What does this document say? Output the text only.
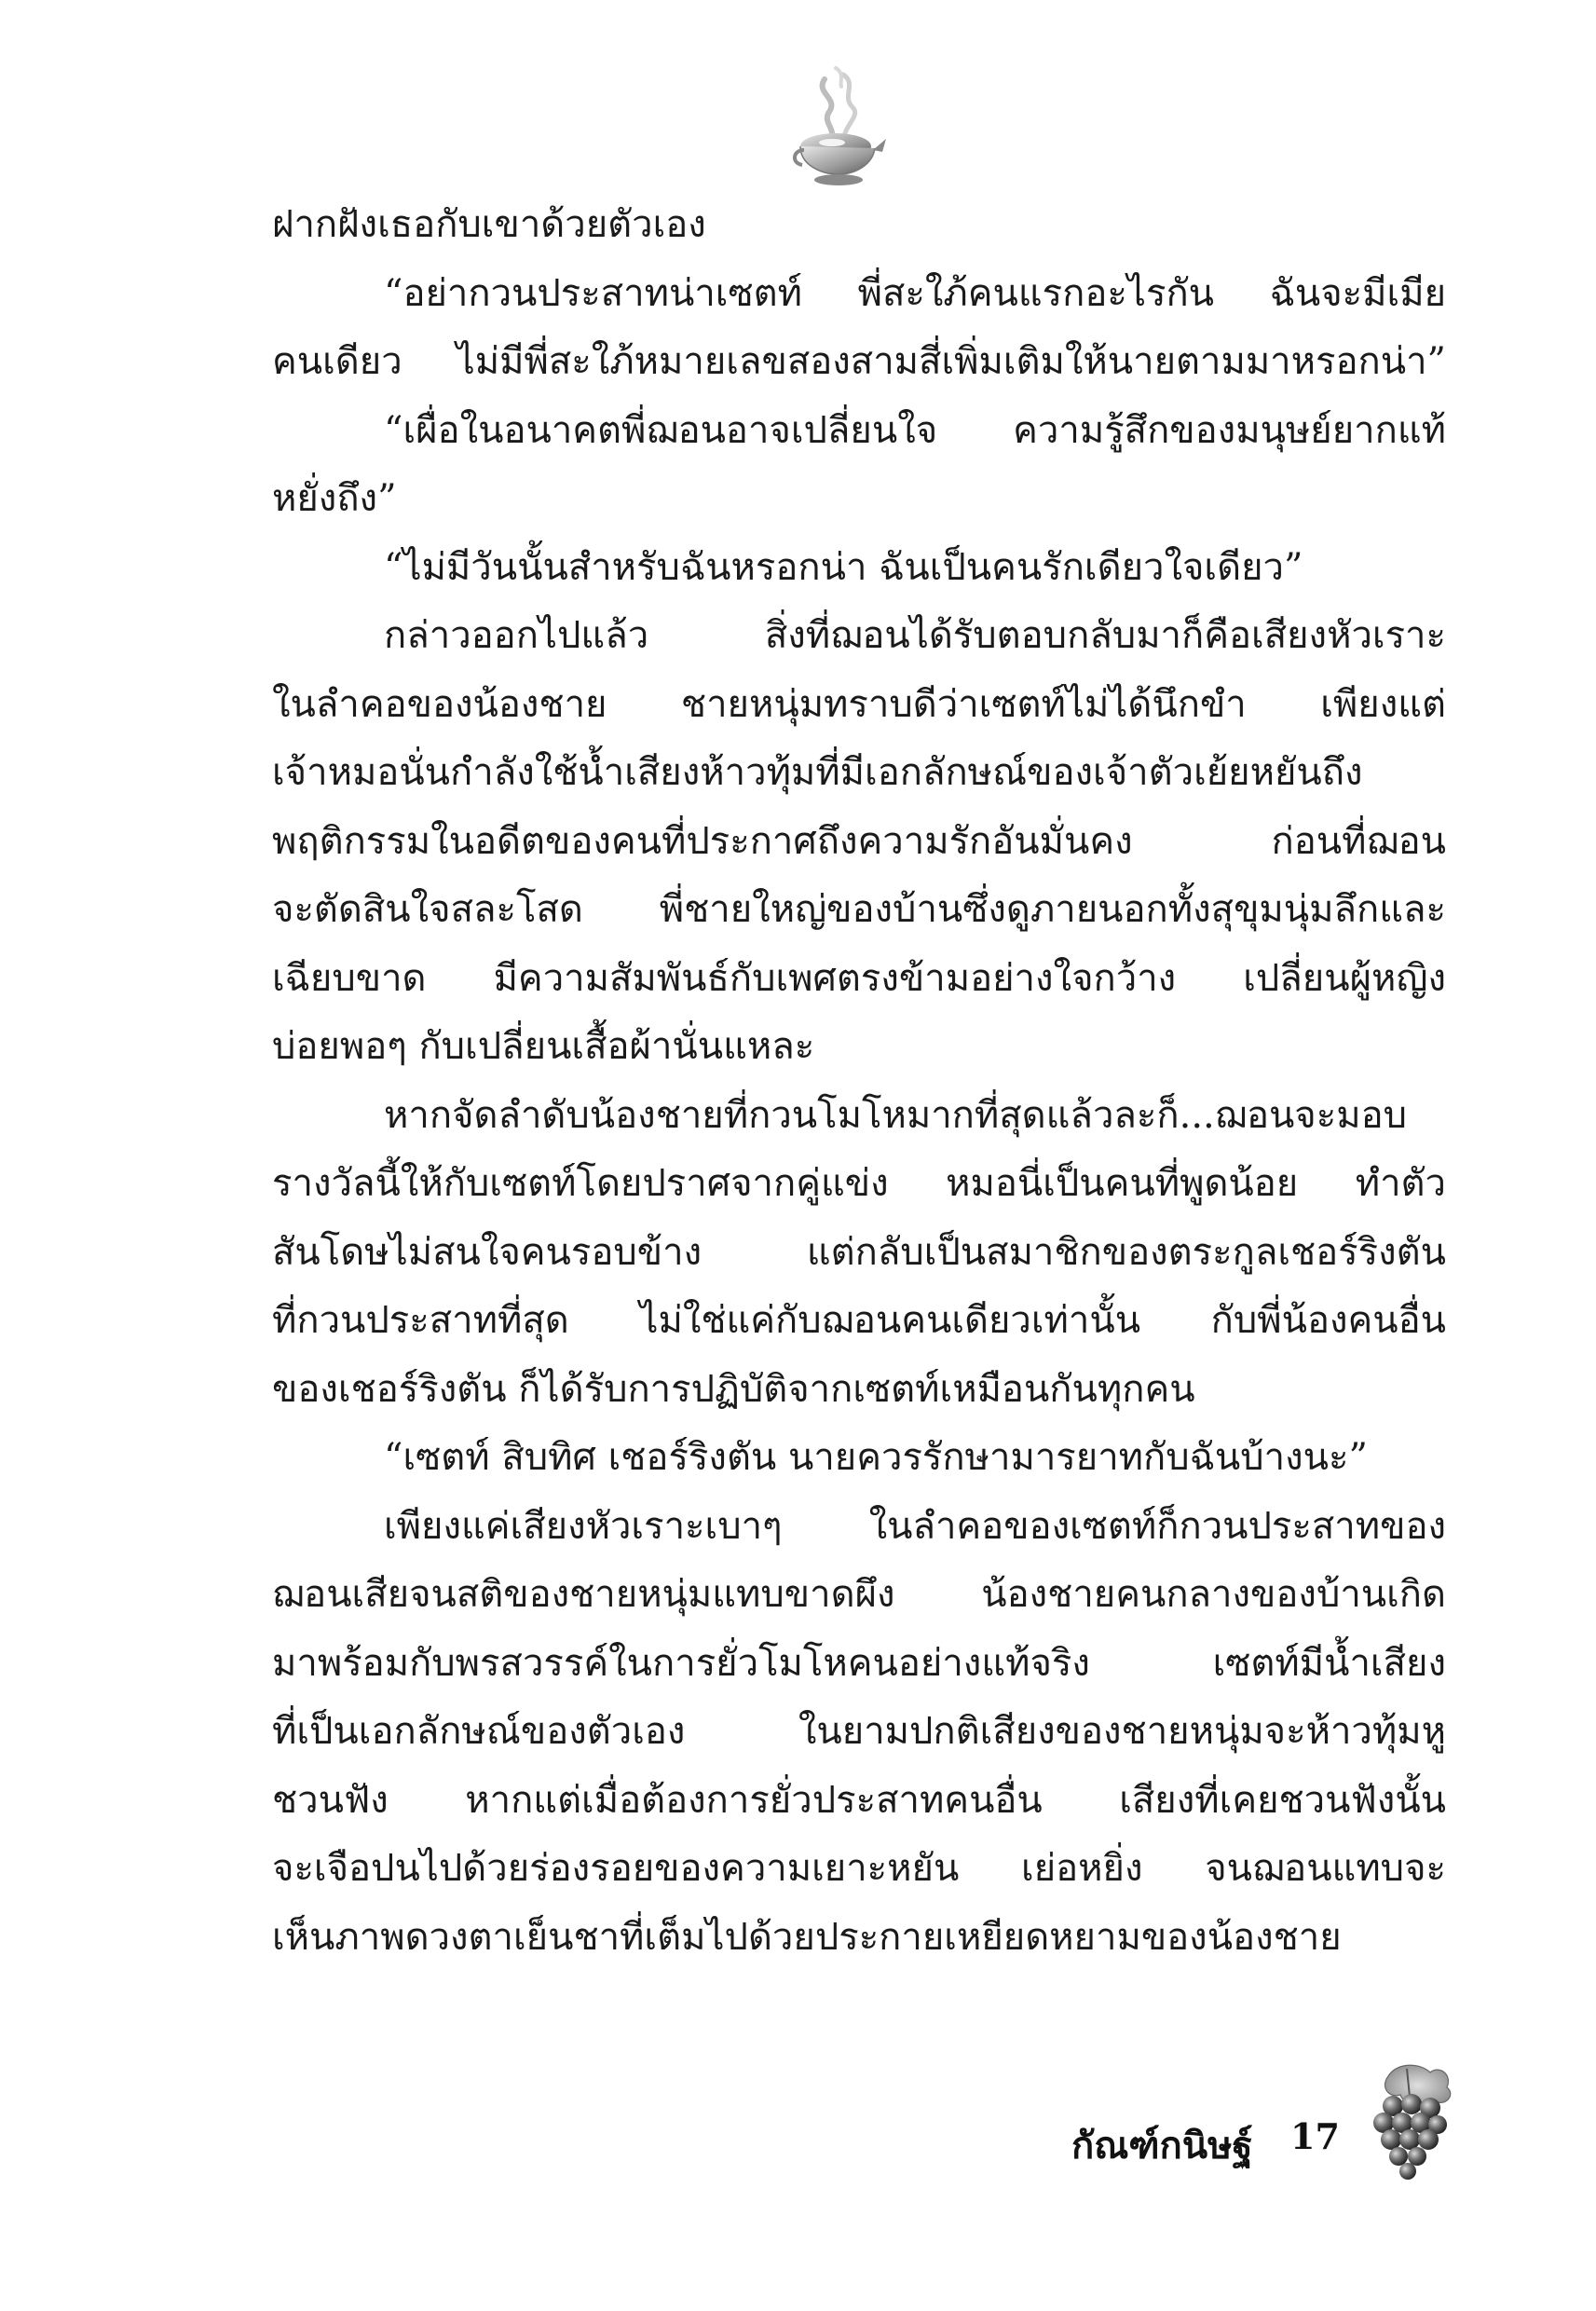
ฝากฝังเธอกับเขาด้วยตัวเอง
“อย่ากวนประสาทน่าเซตท์ พี่สะใภ้คนแรกอะไรกัน ฉันจะมีเมีย
คนเดียว ไม่มีพี่สะใภ้หมายเลขสองสามสี่เพิ่มเติมให้นายตามมาหรอกน่า”
“เผื่อในอนาคตพี่ฌอนอาจเปลี่ยนใจ ความรู้สึกของมนุษย์ยากแท้
หยั่งถึง”
“ไม่มีวันนั้นสำหรับฉันหรอกน่า ฉันเป็นคนรักเดียวใจเดียว”
กล่าวออกไปแล้ว สิ่งที่ฌอนได้รับตอบกลับมาก็คือเสียงหัวเราะ
ในลำคอของน้องชาย ชายหนุ่มทราบดีว่าเซตท์ไม่ได้นึกขำ เพียงแต่
เจ้าหมอนั่นกำลังใช้น้ำเสียงห้าวทุ้มที่มีเอกลักษณ์ของเจ้าตัวเย้ยหยันถึง
พฤติกรรมในอดีตของคนที่ประกาศถึงความรักอันมั่นคง ก่อนที่ฌอน
จะตัดสินใจสละโสด พี่ชายใหญ่ของบ้านซึ่งดูภายนอกทั้งสุขุมนุ่มลึกและ
เฉียบขาด มีความสัมพันธ์กับเพศตรงข้ามอย่างใจกว้าง เปลี่ยนผู้หญิง
บ่อยพอๆ กับเปลี่ยนเสื้อผ้านั่นแหละ
หากจัดลำดับน้องชายที่กวนโมโหมากที่สุดแล้วละก็...ฌอนจะมอบ
รางวัลนี้ให้กับเซตท์โดยปราศจากคู่แข่ง หมอนี่เป็นคนที่พูดน้อย ทำตัว
สันโดษไม่สนใจคนรอบข้าง แต่กลับเป็นสมาชิกของตระกูลเชอร์ริงตัน
ที่กวนประสาทที่สุด ไม่ใช่แค่กับฌอนคนเดียวเท่านั้น กับพี่น้องคนอื่น
ของเชอร์ริงตัน ก็ได้รับการปฏิบัติจากเซตท์เหมือนกันทุกคน
“เซตท์ สิบทิศ เชอร์ริงตัน นายควรรักษามารยาทกับฉันบ้างนะ”
เพียงแค่เสียงหัวเราะเบาๆ ในลำคอของเซตท์ก็กวนประสาทของ
ฌอนเสียจนสติของชายหนุ่มแทบขาดผึง น้องชายคนกลางของบ้านเกิด
มาพร้อมกับพรสวรรค์ในการยั่วโมโหคนอย่างแท้จริง เซตท์มีน้ำเสียง
ที่เป็นเอกลักษณ์ของตัวเอง ในยามปกติเสียงของชายหนุ่มจะห้าวทุ้มหู
ชวนฟัง หากแต่เมื่อต้องการยั่วประสาทคนอื่น เสียงที่เคยชวนฟังนั้น
จะเจือปนไปด้วยร่องรอยของความเยาะหยัน เย่อหยิ่ง จนฌอนแทบจะ
เห็นภาพดวงตาเย็นชาที่เต็มไปด้วยประกายเหยียดหยามของน้องชาย
กัณฑ์กนิษฐ์ 17
